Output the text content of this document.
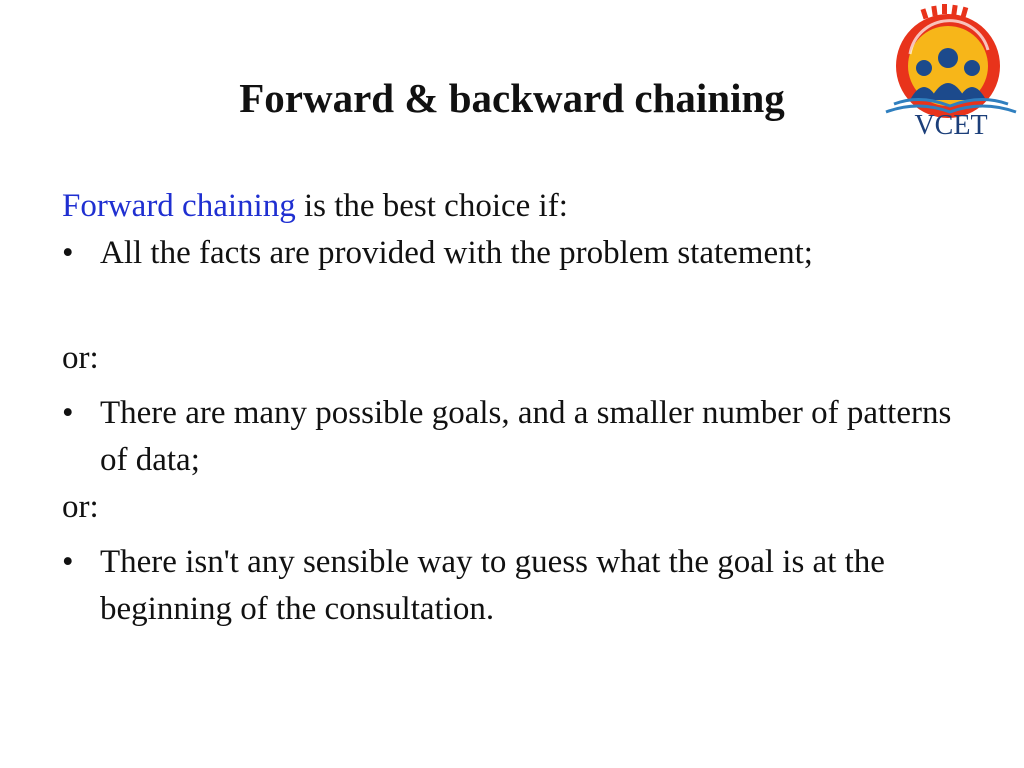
VCET
Forward & backward chaining

Forward chaining is the best choice if:

• All the facts are provided with the problem statement;

or:

• There are many possible goals, and a smaller number of patterns of data;

or:

• There isn't any sensible way to guess what the goal is at the beginning of the consultation.
